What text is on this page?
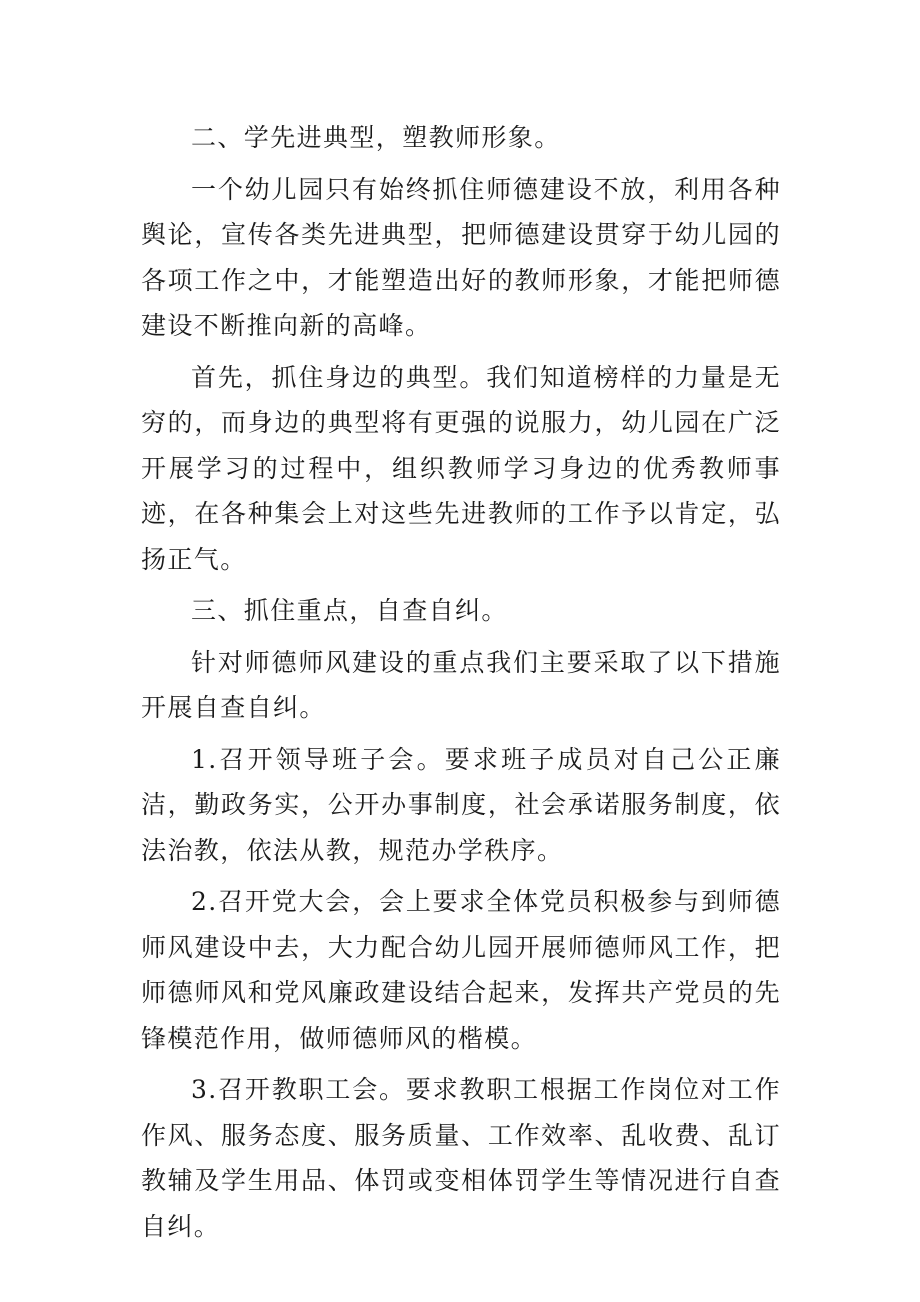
二、学先进典型，塑教师形象。

一个幼儿园只有始终抓住师德建设不放，利用各种舆论，宣传各类先进典型，把师德建设贯穿于幼儿园的各项工作之中，才能塑造出好的教师形象，才能把师德建设不断推向新的高峰。

首先，抓住身边的典型。我们知道榜样的力量是无穷的，而身边的典型将有更强的说服力，幼儿园在广泛开展学习的过程中，组织教师学习身边的优秀教师事迹，在各种集会上对这些先进教师的工作予以肯定，弘扬正气。

三、抓住重点，自查自纠。

针对师德师风建设的重点我们主要采取了以下措施开展自查自纠。

1.召开领导班子会。要求班子成员对自己公正廉洁，勤政务实，公开办事制度，社会承诺服务制度，依法治教，依法从教，规范办学秩序。

2.召开党大会，会上要求全体党员积极参与到师德师风建设中去，大力配合幼儿园开展师德师风工作，把师德师风和党风廉政建设结合起来，发挥共产党员的先锋模范作用，做师德师风的楷模。

3.召开教职工会。要求教职工根据工作岗位对工作作风、服务态度、服务质量、工作效率、乱收费、乱订教辅及学生用品、体罚或变相体罚学生等情况进行自查自纠。
